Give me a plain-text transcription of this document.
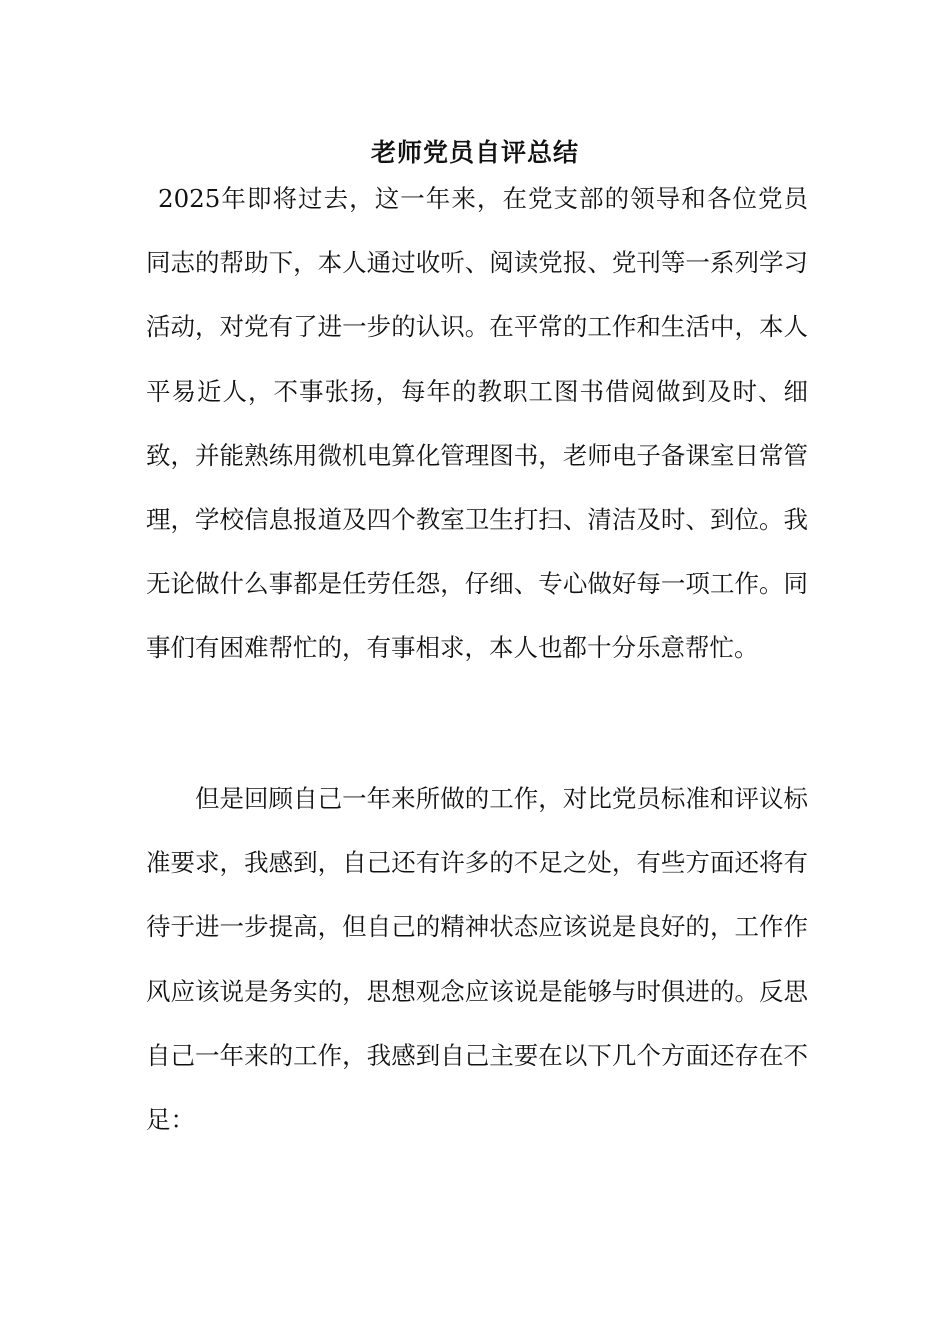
老师党员自评总结

2025年即将过去，这一年来，在党支部的领导和各位党员同志的帮助下，本人通过收听、阅读党报、党刊等一系列学习活动，对党有了进一步的认识。在平常的工作和生活中，本人平易近人，不事张扬，每年的教职工图书借阅做到及时、细致，并能熟练用微机电算化管理图书，老师电子备课室日常管理，学校信息报道及四个教室卫生打扫、清洁及时、到位。我无论做什么事都是任劳任怨，仔细、专心做好每一项工作。同事们有困难帮忙的，有事相求，本人也都十分乐意帮忙。

但是回顾自己一年来所做的工作，对比党员标准和评议标准要求，我感到，自己还有许多的不足之处，有些方面还将有待于进一步提高，但自己的精神状态应该说是良好的，工作作风应该说是务实的，思想观念应该说是能够与时俱进的。反思自己一年来的工作，我感到自己主要在以下几个方面还存在不足：
